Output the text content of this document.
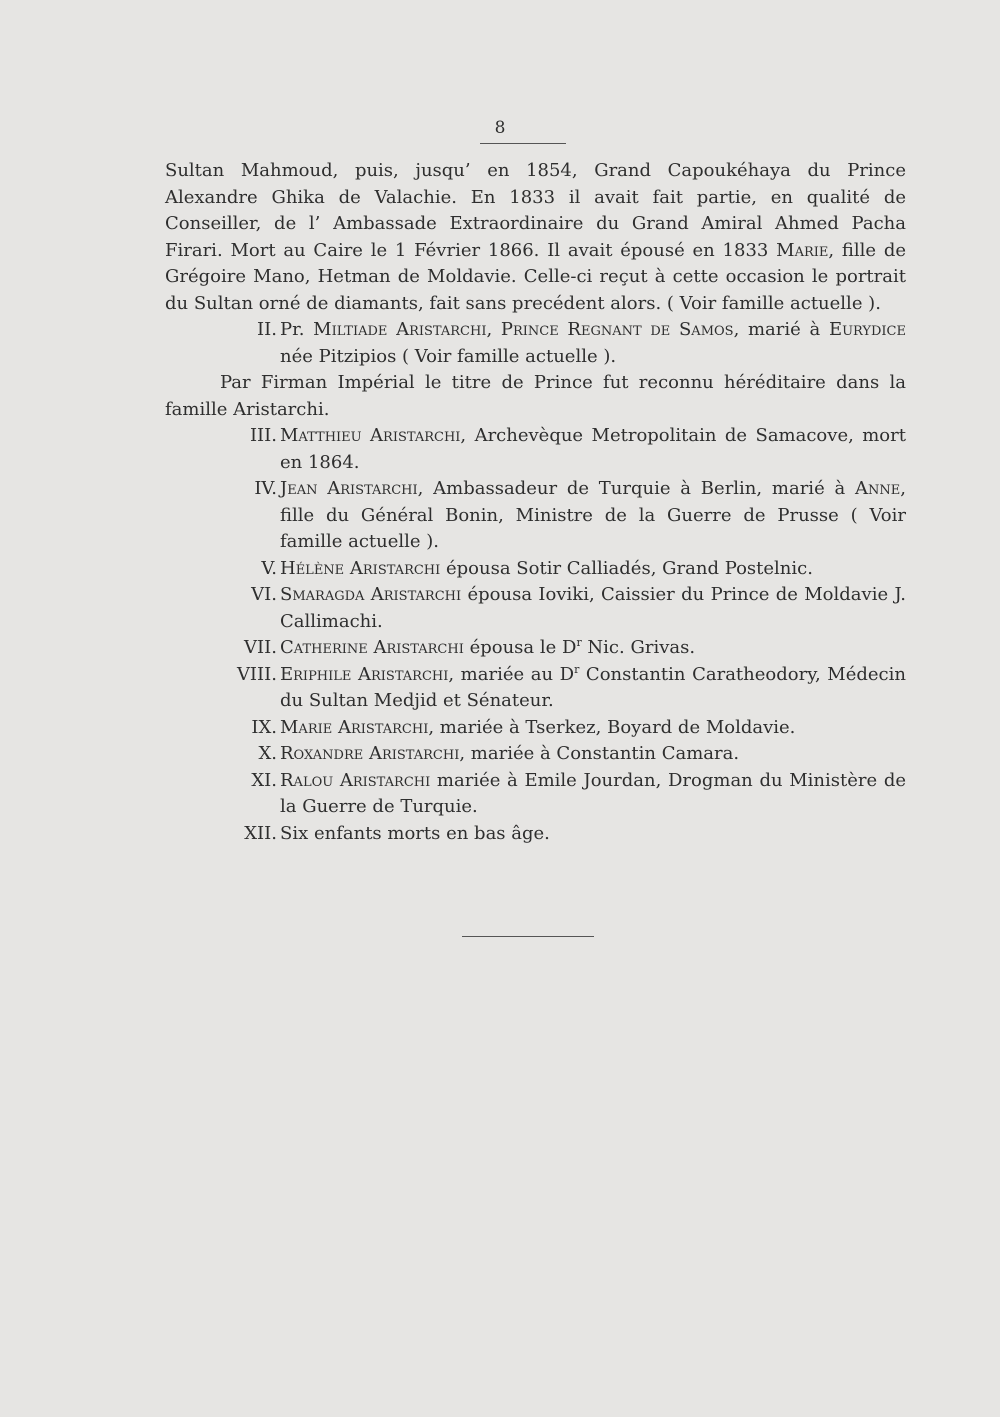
8

Sultan Mahmoud, puis, jusqu’ en 1854, Grand Capoukéhaya du Prince Alexandre Ghika de Valachie. En 1833 il avait fait partie, en qualité de Conseiller, de l’ Ambassade Extraordinaire du Grand Amiral Ahmed Pacha Firari. Mort au Caire le 1 Février 1866. Il avait épousé en 1833 Marie, fille de Grégoire Mano, Hetman de Moldavie. Celle-ci reçut à cette occasion le portrait du Sultan orné de diamants, fait sans precédent alors. ( Voir famille actuelle ).

II. Pr. Miltiade Aristarchi, Prince Regnant de Samos, marié à Eurydice née Pitzipios ( Voir famille actuelle ).

Par Firman Impérial le titre de Prince fut reconnu héréditaire dans la famille Aristarchi.

III. Matthieu Aristarchi, Archevèque Metropolitain de Samacove, mort en 1864.
IV. Jean Aristarchi, Ambassadeur de Turquie à Berlin, marié à Anne, fille du Général Bonin, Ministre de la Guerre de Prusse ( Voir famille actuelle ).
V. Hélène Aristarchi épousa Sotir Calliadés, Grand Postelnic.
VI. Smaragda Aristarchi épousa Ioviki, Caissier du Prince de Moldavie J. Callimachi.
VII. Catherine Aristarchi épousa le $D^r$ Nic. Grivas.
VIII. Eriphile Aristarchi, mariée au $D^r$ Constantin Caratheodory, Médecin du Sultan Medjid et Sénateur.
IX. Marie Aristarchi, mariée à Tserkez, Boyard de Moldavie.
X. Roxandre Aristarchi, mariée à Constantin Camara.
XI. Ralou Aristarchi mariée à Emile Jourdan, Drogman du Ministère de la Guerre de Turquie.
XII. Six enfants morts en bas âge.
